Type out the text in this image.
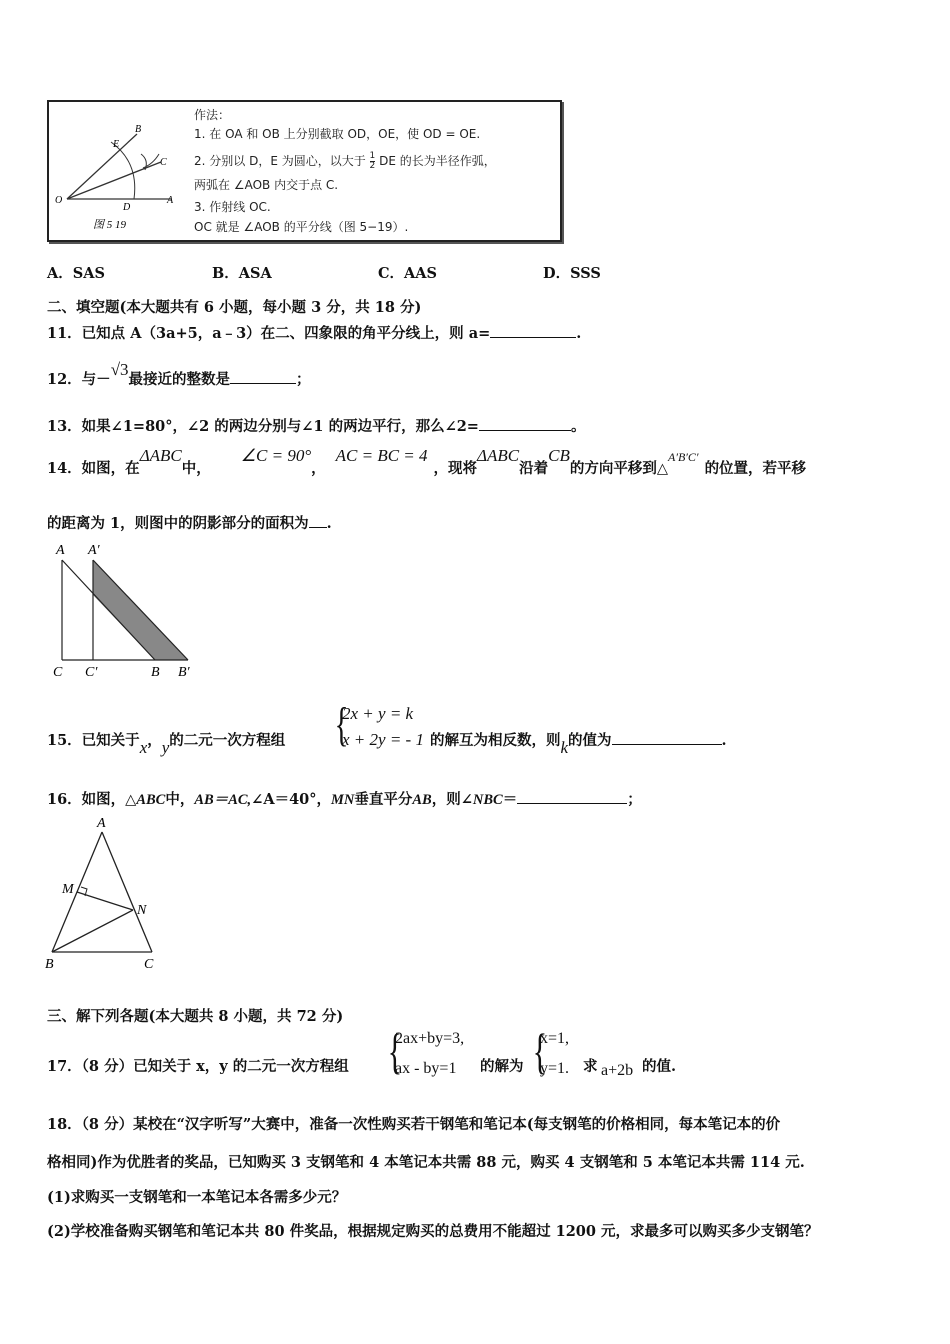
O	A
B
E
C
D
图 5 19
作法：
1. 在 OA 和 OB 上分别截取 OD，OE，使 OD = OE.
2. 分别以 D，E 为圆心，以大于 $\frac{1}{2}$ DE 的长为半径作弧，
两弧在 ∠AOB 内交于点 C.
3. 作射线 OC.
OC 就是 ∠AOB 的平分线（图 5−19）.
A．SAS	B．ASA	C．AAS	D．SSS
二、填空题(本大题共有 6 小题，每小题 3 分，共 18 分)
11．已知点 A（3a+5，a﹣3）在二、四象限的角平分线上，则 a=	.
12．与－√3最接近的整数是	；
13．如果∠1=80°，∠2 的两边分别与∠1 的两边平行，那么∠2=	。
14．如图，在ΔABC中，∠C = 90°，AC = BC = 4，现将ΔABC沿着CB的方向平移到△$^{A'B'C'}$的位置，若平移
的距离为 1，则图中的阴影部分的面积为 .
A A′
C C′	B B′
15．已知关于x，y的二元一次方程组 {
2x + y = k
x + 2y = - 1 的解互为相反数，则k的值为	.
16．如图，△ABC中，AB＝AC,∠A＝40°，MN垂直平分AB，则∠NBC＝	；
A
M
N
B	C
三、解下列各题(本大题共 8 小题，共 72 分)
17．（8 分）已知关于 x，y 的二元一次方程组 {
2ax+by=3,
ax - by=1 的解为 {
x=1,
y=1. 求 a+2b 的值.
18．（8 分）某校在“汉字听写”大赛中，准备一次性购买若干钢笔和笔记本(每支钢笔的价格相同，每本笔记本的价
格相同)作为优胜者的奖品，已知购买 3 支钢笔和 4 本笔记本共需 88 元，购买 4 支钢笔和 5 本笔记本共需 114 元.
(1)求购买一支钢笔和一本笔记本各需多少元？
(2)学校准备购买钢笔和笔记本共 80 件奖品，根据规定购买的总费用不能超过 1200 元，求最多可以购买多少支钢笔？
